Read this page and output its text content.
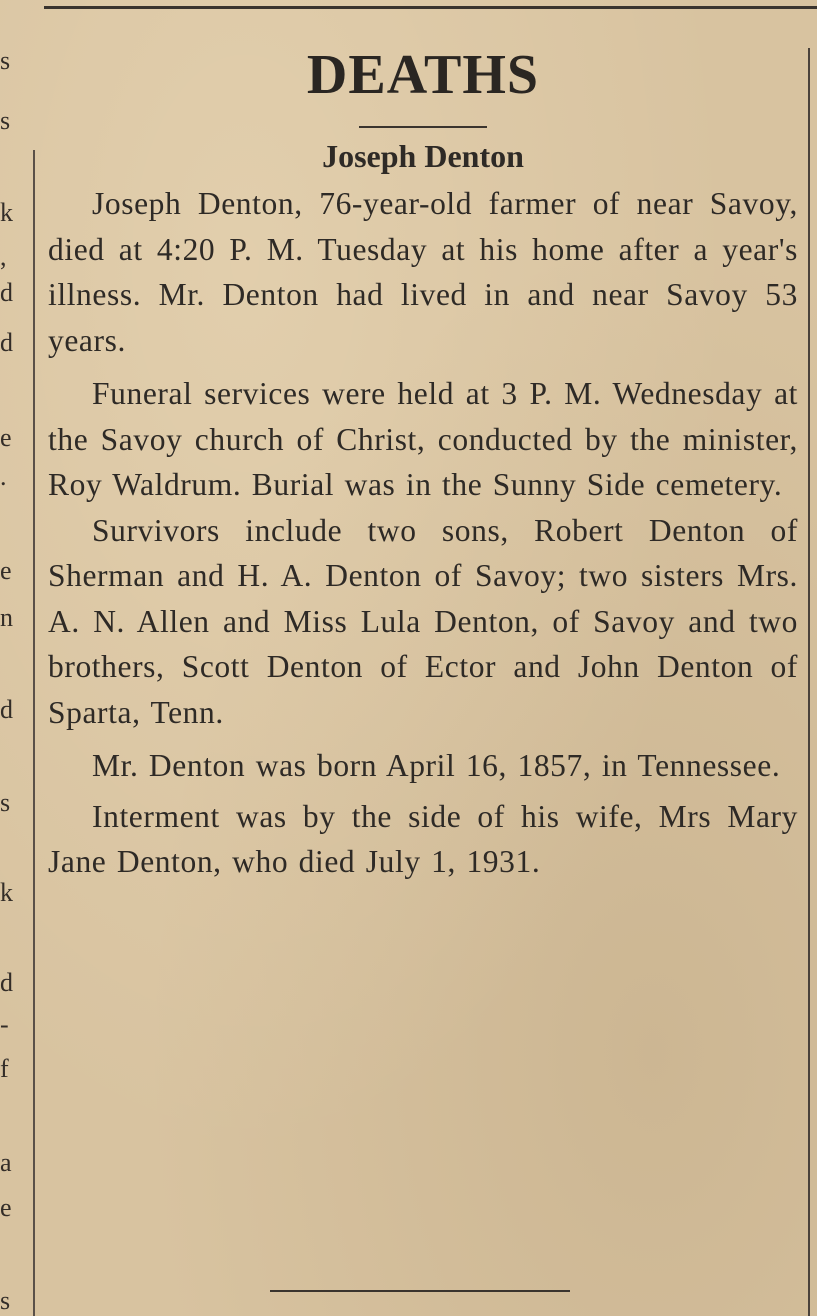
s
s
k
,
d
d
e
.
e
n
d
s
k
d
-
f
a
e
s
DEATHS
Joseph Denton

Joseph Denton, 76-year-old farmer of near Savoy, died at 4:20 P. M. Tuesday at his home after a year's illness. Mr. Denton had lived in and near Savoy 53 years.

Funeral services were held at 3 P. M. Wednesday at the Savoy church of Christ, conducted by the minister, Roy Waldrum. Burial was in the Sunny Side cemetery.

Survivors include two sons, Robert Denton of Sherman and H. A. Denton of Savoy; two sisters Mrs. A. N. Allen and Miss Lula Denton, of Savoy and two brothers, Scott Denton of Ector and John Denton of Sparta, Tenn.

Mr. Denton was born April 16, 1857, in Tennessee.

Interment was by the side of his wife, Mrs Mary Jane Denton, who died July 1, 1931.
